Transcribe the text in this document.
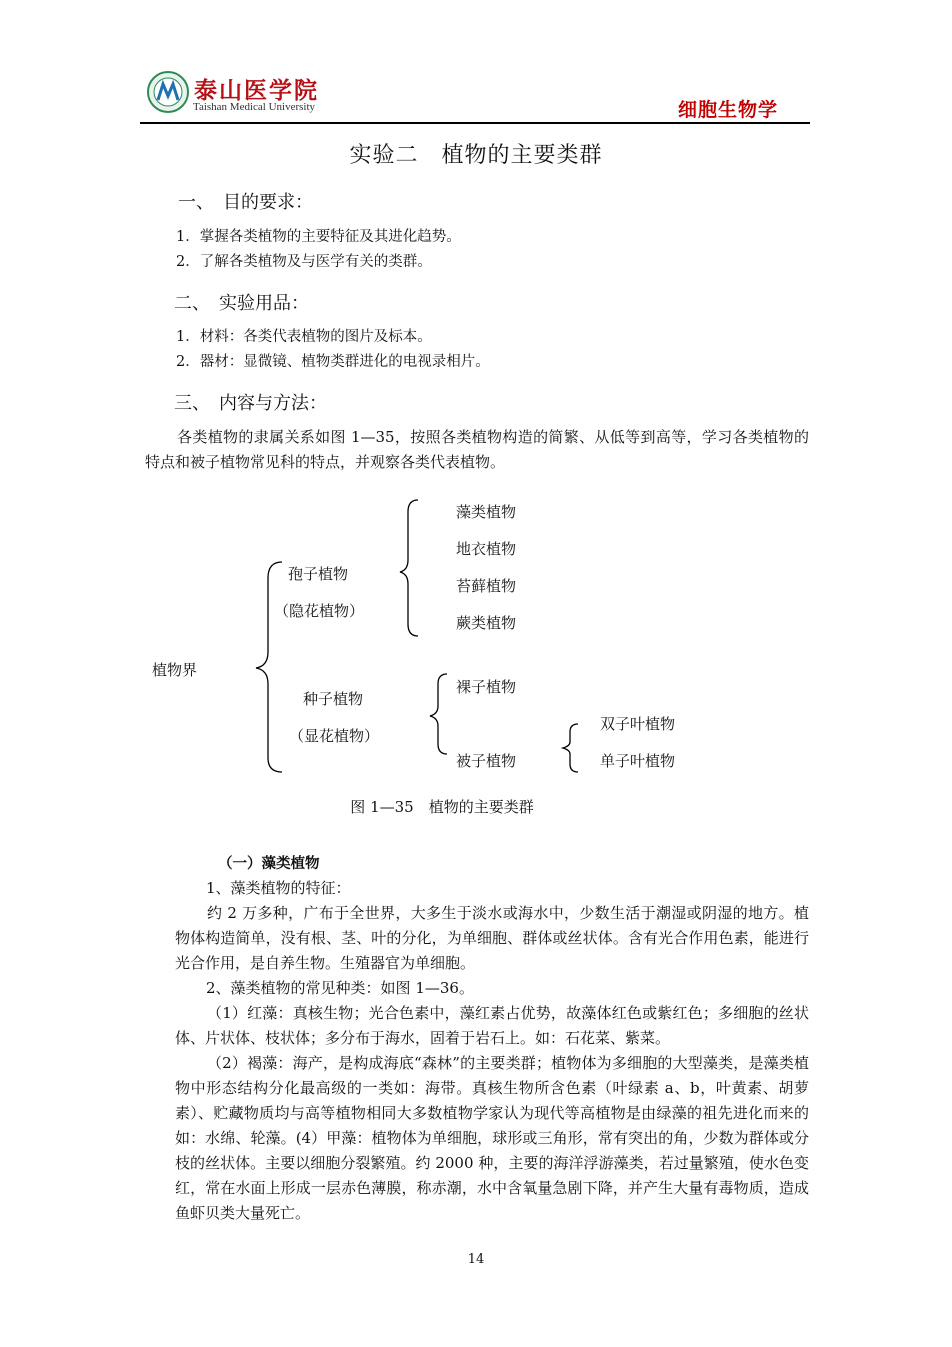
泰山医学院
Taishan Medical University	细胞生物学
实验二　植物的主要类群
一、　目的要求：
1．掌握各类植物的主要特征及其进化趋势。
2．了解各类植物及与医学有关的类群。
二、　实验用品：
1．材料：各类代表植物的图片及标本。
2．器材：显微镜、植物类群进化的电视录相片。
三、　内容与方法：
各类植物的隶属关系如图 1—35，按照各类植物构造的简繁、从低等到高等，学习各类植物的特点和被子植物常见科的特点，并观察各类代表植物。
植物界
孢子植物
（隐花植物）
藻类植物
地衣植物
苔藓植物
蕨类植物
种子植物
（显花植物）
裸子植物
被子植物
双子叶植物
单子叶植物
图 1—35　植物的主要类群
（一）藻类植物
1、藻类植物的特征：
约 2 万多种，广布于全世界，大多生于淡水或海水中，少数生活于潮湿或阴湿的地方。植物体构造简单，没有根、茎、叶的分化，为单细胞、群体或丝状体。含有光合作用色素，能进行光合作用，是自养生物。生殖器官为单细胞。
2、藻类植物的常见种类：如图 1—36。
（1）红藻：真核生物；光合色素中，藻红素占优势，故藻体红色或紫红色；多细胞的丝状体、片状体、枝状体；多分布于海水，固着于岩石上。如：石花菜、紫菜。
（2）褐藻：海产，是构成海底“森林”的主要类群；植物体为多细胞的大型藻类，是藻类植物中形态结构分化最高级的一类如：海带。真核生物所含色素（叶绿素 a、b，叶黄素、胡萝素）、贮藏物质均与高等植物相同大多数植物学家认为现代等高植物是由绿藻的祖先进化而来的如：水绵、轮藻。(4）甲藻：植物体为单细胞，球形或三角形，常有突出的角，少数为群体或分枝的丝状体。主要以细胞分裂繁殖。约 2000 种，主要的海洋浮游藻类，若过量繁殖，使水色变红，常在水面上形成一层赤色薄膜，称赤潮，水中含氧量急剧下降，并产生大量有毒物质，造成鱼虾贝类大量死亡。
14
